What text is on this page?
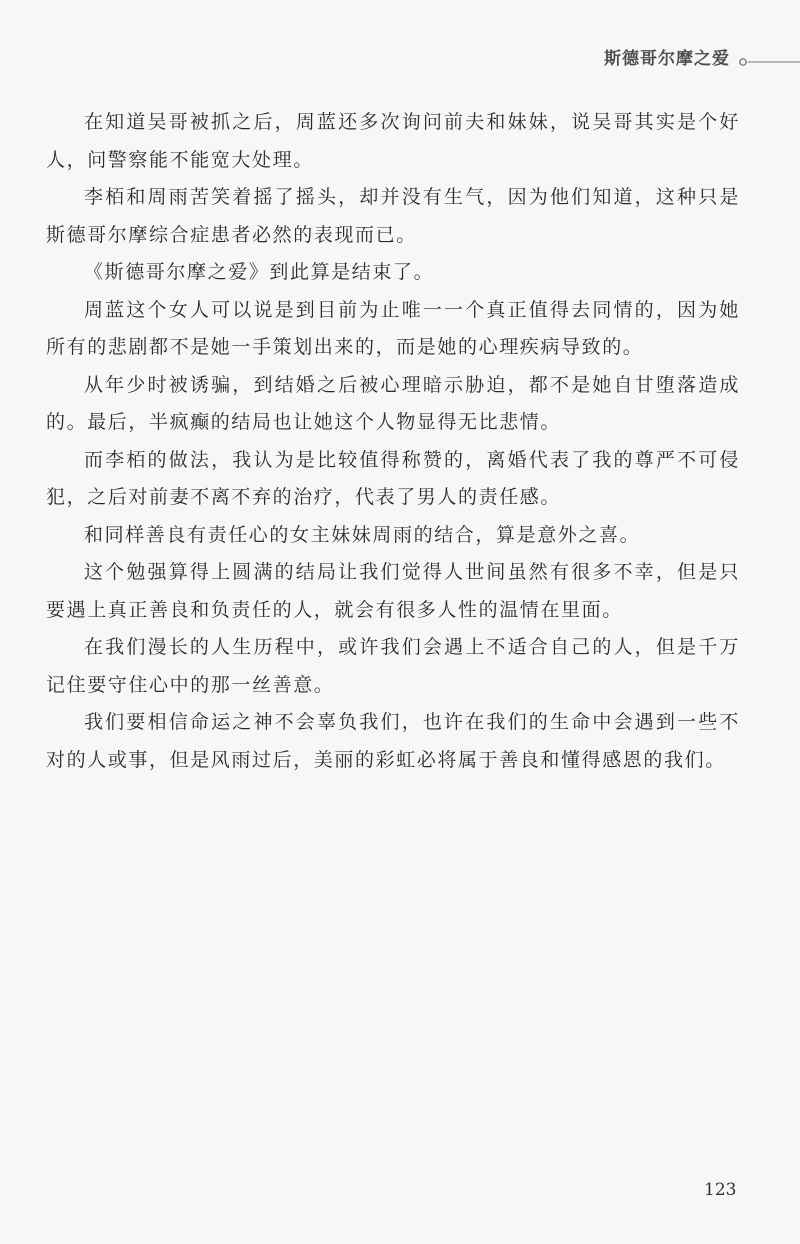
斯德哥尔摩之爱

在知道吴哥被抓之后，周蓝还多次询问前夫和妹妹，说吴哥其实是个好人，问警察能不能宽大处理。

李栢和周雨苦笑着摇了摇头，却并没有生气，因为他们知道，这种只是斯德哥尔摩综合症患者必然的表现而已。

《斯德哥尔摩之爱》到此算是结束了。

周蓝这个女人可以说是到目前为止唯一一个真正值得去同情的，因为她所有的悲剧都不是她一手策划出来的，而是她的心理疾病导致的。

从年少时被诱骗，到结婚之后被心理暗示胁迫，都不是她自甘堕落造成的。最后，半疯癫的结局也让她这个人物显得无比悲情。

而李栢的做法，我认为是比较值得称赞的，离婚代表了我的尊严不可侵犯，之后对前妻不离不弃的治疗，代表了男人的责任感。

和同样善良有责任心的女主妹妹周雨的结合，算是意外之喜。

这个勉强算得上圆满的结局让我们觉得人世间虽然有很多不幸，但是只要遇上真正善良和负责任的人，就会有很多人性的温情在里面。

在我们漫长的人生历程中，或许我们会遇上不适合自己的人，但是千万记住要守住心中的那一丝善意。

我们要相信命运之神不会辜负我们，也许在我们的生命中会遇到一些不对的人或事，但是风雨过后，美丽的彩虹必将属于善良和懂得感恩的我们。

123
